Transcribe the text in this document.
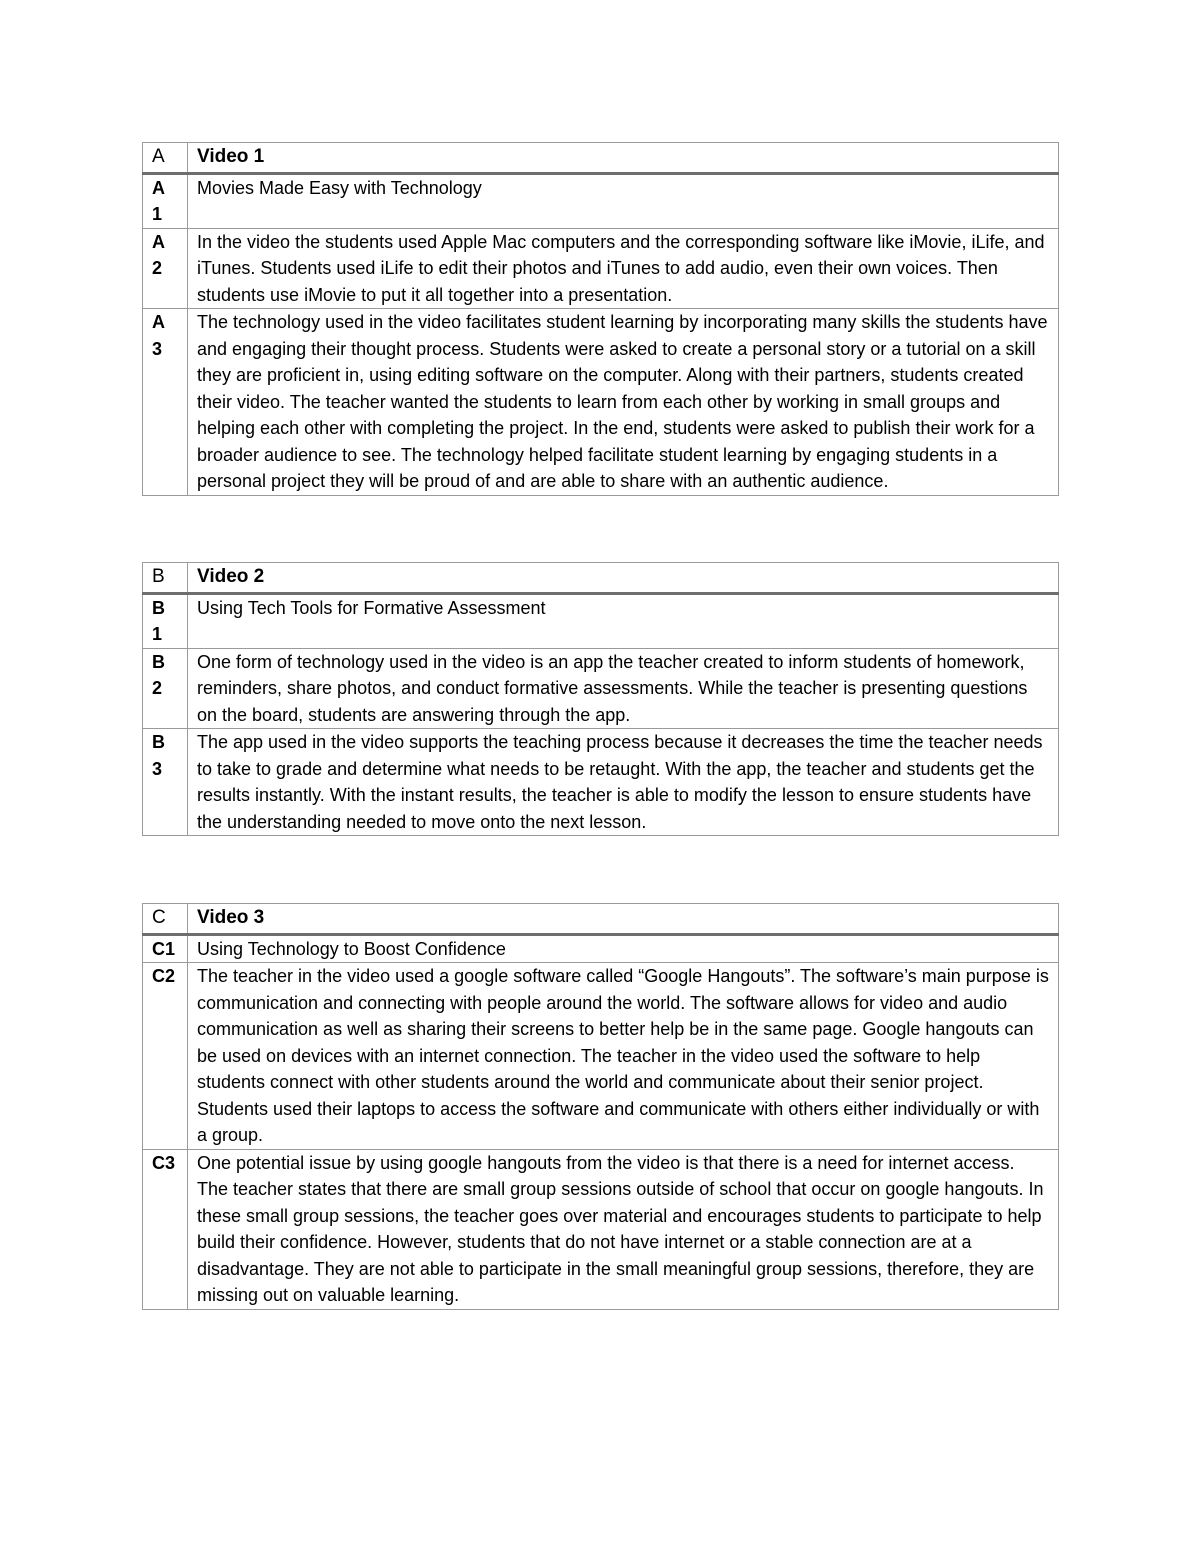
A	Video 1
A 1	Movies Made Easy with Technology
A 2	In the video the students used Apple Mac computers and the corresponding software like iMovie, iLife, and iTunes. Students used iLife to edit their photos and iTunes to add audio, even their own voices. Then students use iMovie to put it all together into a presentation.
A 3	The technology used in the video facilitates student learning by incorporating many skills the students have and engaging their thought process. Students were asked to create a personal story or a tutorial on a skill they are proficient in, using editing software on the computer. Along with their partners, students created their video. The teacher wanted the students to learn from each other by working in small groups and helping each other with completing the project. In the end, students were asked to publish their work for a broader audience to see. The technology helped facilitate student learning by engaging students in a personal project they will be proud of and are able to share with an authentic audience.
B	Video 2
B 1	Using Tech Tools for Formative Assessment
B 2	One form of technology used in the video is an app the teacher created to inform students of homework, reminders, share photos, and conduct formative assessments. While the teacher is presenting questions on the board, students are answering through the app.
B 3	The app used in the video supports the teaching process because it decreases the time the teacher needs to take to grade and determine what needs to be retaught. With the app, the teacher and students get the results instantly. With the instant results, the teacher is able to modify the lesson to ensure students have the understanding needed to move onto the next lesson.
C	Video 3
C1	Using Technology to Boost Confidence
C2	The teacher in the video used a google software called “Google Hangouts”. The software’s main purpose is communication and connecting with people around the world. The software allows for video and audio communication as well as sharing their screens to better help be in the same page. Google hangouts can be used on devices with an internet connection. The teacher in the video used the software to help students connect with other students around the world and communicate about their senior project. Students used their laptops to access the software and communicate with others either individually or with a group.
C3	One potential issue by using google hangouts from the video is that there is a need for internet access. The teacher states that there are small group sessions outside of school that occur on google hangouts. In these small group sessions, the teacher goes over material and encourages students to participate to help build their confidence. However, students that do not have internet or a stable connection are at a disadvantage. They are not able to participate in the small meaningful group sessions, therefore, they are missing out on valuable learning.
